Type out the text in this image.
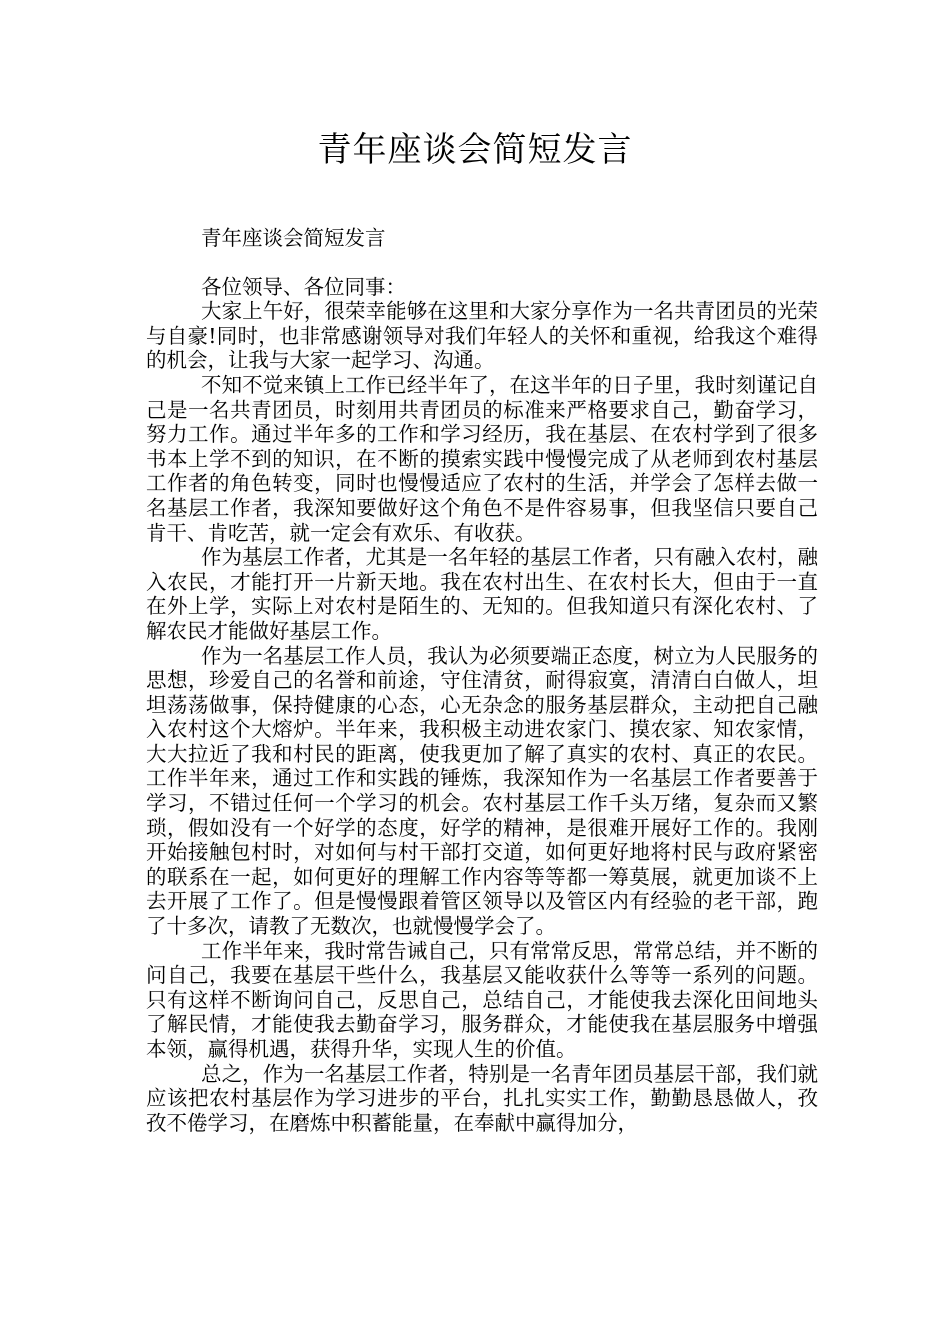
青年座谈会简短发言

青年座谈会简短发言

各位领导、各位同事：

大家上午好，很荣幸能够在这里和大家分享作为一名共青团员的光荣与自豪!同时，也非常感谢领导对我们年轻人的关怀和重视，给我这个难得的机会，让我与大家一起学习、沟通。

不知不觉来镇上工作已经半年了，在这半年的日子里，我时刻谨记自己是一名共青团员，时刻用共青团员的标准来严格要求自己，勤奋学习，努力工作。通过半年多的工作和学习经历，我在基层、在农村学到了很多书本上学不到的知识，在不断的摸索实践中慢慢完成了从老师到农村基层工作者的角色转变，同时也慢慢适应了农村的生活，并学会了怎样去做一名基层工作者，我深知要做好这个角色不是件容易事，但我坚信只要自己肯干、肯吃苦，就一定会有欢乐、有收获。

作为基层工作者，尤其是一名年轻的基层工作者，只有融入农村，融入农民，才能打开一片新天地。我在农村出生、在农村长大，但由于一直在外上学，实际上对农村是陌生的、无知的。但我知道只有深化农村、了解农民才能做好基层工作。

作为一名基层工作人员，我认为必须要端正态度，树立为人民服务的思想，珍爱自己的名誉和前途，守住清贫，耐得寂寞，清清白白做人，坦坦荡荡做事，保持健康的心态，心无杂念的服务基层群众，主动把自己融入农村这个大熔炉。半年来，我积极主动进农家门、摸农家、知农家情，大大拉近了我和村民的距离，使我更加了解了真实的农村、真正的农民。工作半年来，通过工作和实践的锤炼，我深知作为一名基层工作者要善于学习，不错过任何一个学习的机会。农村基层工作千头万绪，复杂而又繁琐，假如没有一个好学的态度，好学的精神，是很难开展好工作的。我刚开始接触包村时，对如何与村干部打交道，如何更好地将村民与政府紧密的联系在一起，如何更好的理解工作内容等等都一筹莫展，就更加谈不上去开展了工作了。但是慢慢跟着管区领导以及管区内有经验的老干部，跑了十多次，请教了无数次，也就慢慢学会了。

工作半年来，我时常告诫自己，只有常常反思，常常总结，并不断的问自己，我要在基层干些什么，我基层又能收获什么等等一系列的问题。只有这样不断询问自己，反思自己，总结自己，才能使我去深化田间地头了解民情，才能使我去勤奋学习，服务群众，才能使我在基层服务中增强本领，赢得机遇，获得升华，实现人生的价值。

总之，作为一名基层工作者，特别是一名青年团员基层干部，我们就应该把农村基层作为学习进步的平台，扎扎实实工作，勤勤恳恳做人，孜孜不倦学习，在磨炼中积蓄能量，在奉献中赢得加分，
